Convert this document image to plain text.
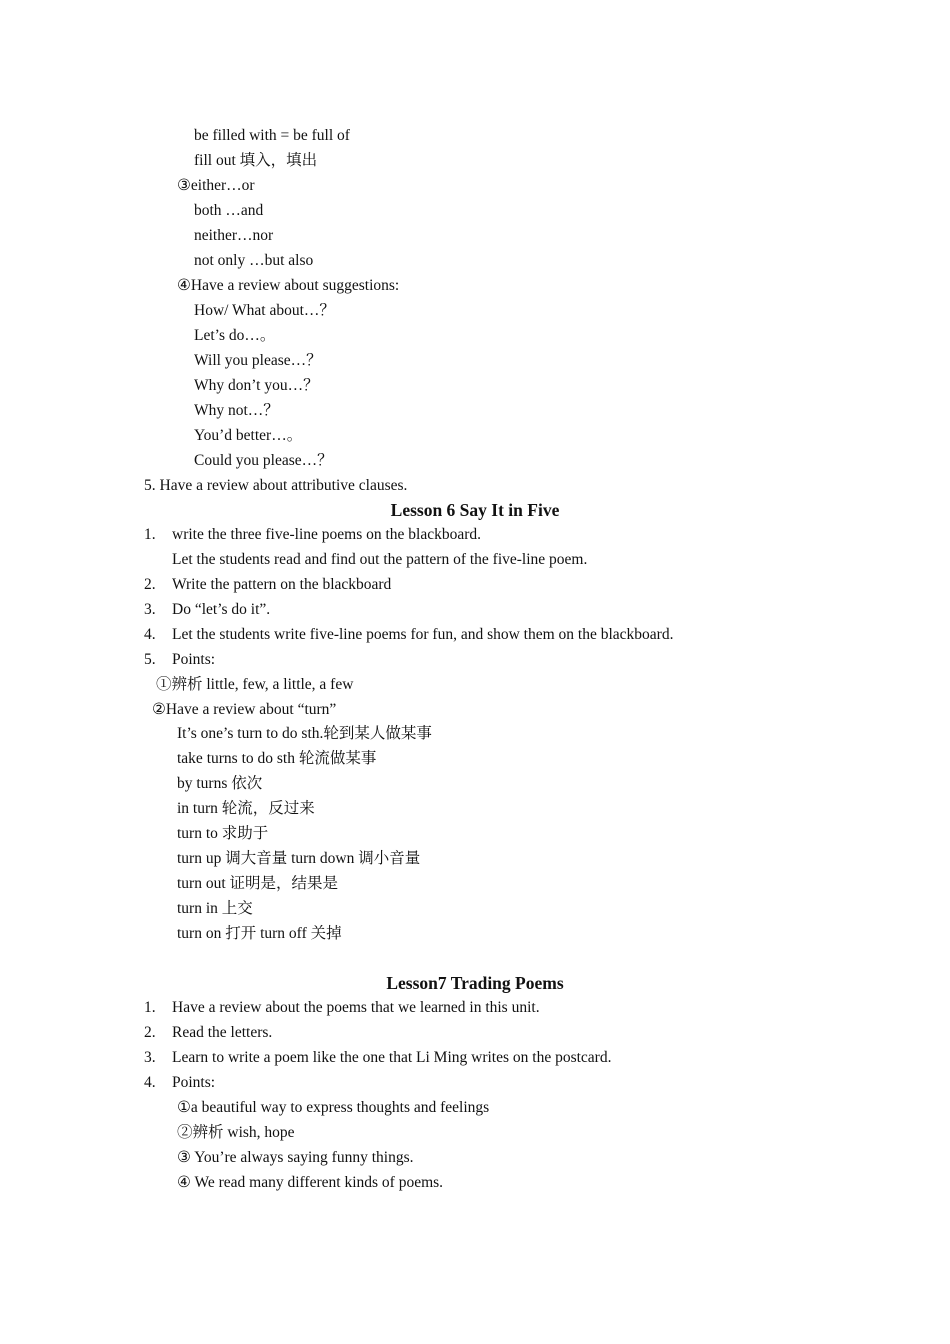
be filled with = be full of
fill out 填入，填出
③either…or
both …and
neither…nor
not only …but also
④Have a review about suggestions:
How/ What about…？
Let’s do…。
Will you please…？
Why don’t you…？
Why not…？
You’d better…。
Could you please…？
5. Have a review about attributive clauses.
Lesson 6 Say It in Five
1. write the three five-line poems on the blackboard.
Let the students read and find out the pattern of the five-line poem.
2. Write the pattern on the blackboard
3. Do “let’s do it”.
4. Let the students write five-line poems for fun, and show them on the blackboard.
5. Points:
①辨析 little, few, a little, a few
②Have a review about “turn”
It’s one’s turn to do sth.轮到某人做某事
take turns to do sth 轮流做某事
by turns 依次
in turn 轮流，反过来
turn to 求助于
turn up 调大音量 turn down 调小音量
turn out 证明是，结果是
turn in 上交
turn on 打开 turn off 关掉
Lesson7 Trading Poems
1. Have a review about the poems that we learned in this unit.
2. Read the letters.
3. Learn to write a poem like the one that Li Ming writes on the postcard.
4. Points:
①a beautiful way to express thoughts and feelings
②辨析 wish, hope
③ You’re always saying funny things.
④ We read many different kinds of poems.
